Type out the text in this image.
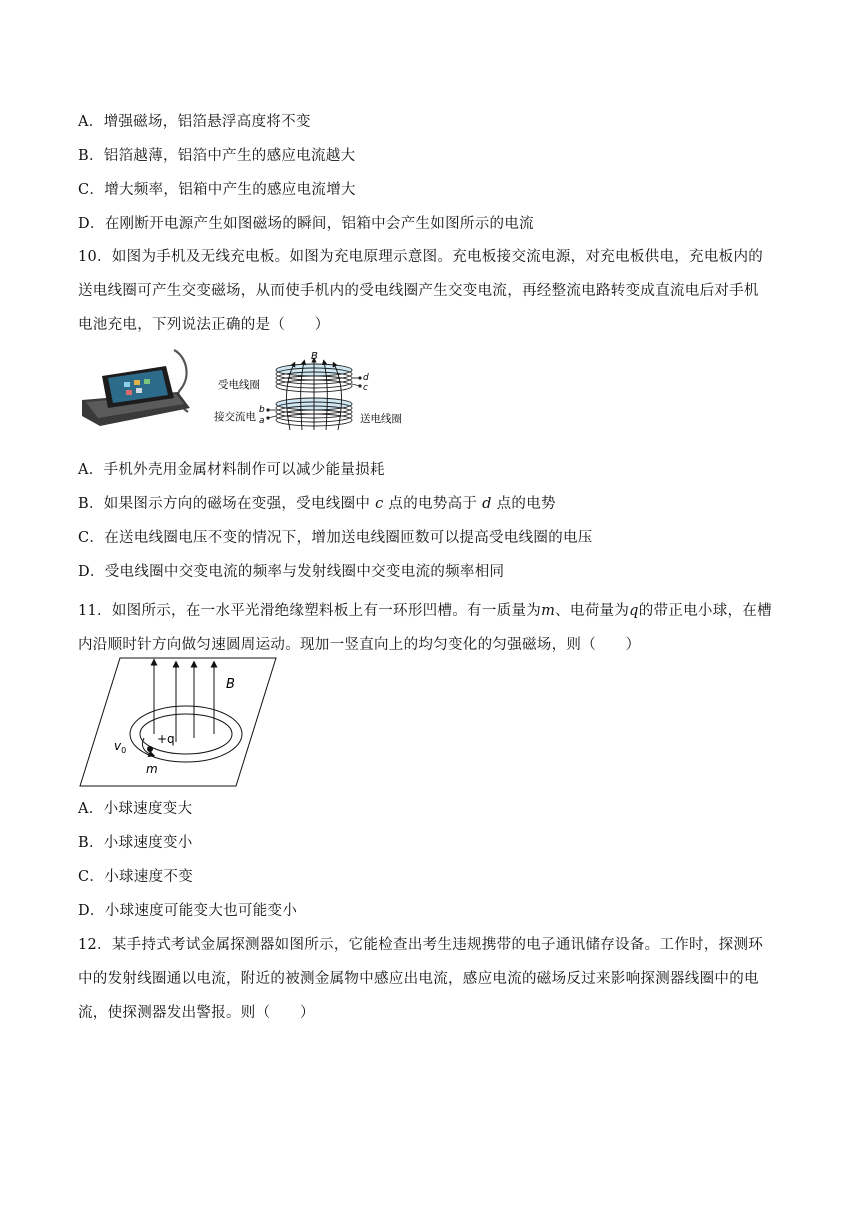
A．增强磁场，铝箔悬浮高度将不变
B．铝箔越薄，铝箔中产生的感应电流越大
C．增大频率，铝箱中产生的感应电流增大
D．在刚断开电源产生如图磁场的瞬间，铝箱中会产生如图所示的电流
10．如图为手机及无线充电板。如图为充电原理示意图。充电板接交流电源，对充电板供电，充电板内的
送电线圈可产生交变磁场，从而使手机内的受电线圈产生交变电流，再经整流电路转变成直流电后对手机
电池充电，下列说法正确的是（　　）
B
d
c
b
a
受电线圈
接交流电	送电线圈
A．手机外壳用金属材料制作可以减少能量损耗
B．如果图示方向的磁场在变强，受电线圈中 c 点的电势高于 d 点的电势
C．在送电线圈电压不变的情况下，增加送电线圈匝数可以提高受电线圈的电压
D．受电线圈中交变电流的频率与发射线圈中交变电流的频率相同
11．如图所示，在一水平光滑绝缘塑料板上有一环形凹槽。有一质量为m、电荷量为q的带正电小球，在槽
内沿顺时针方向做匀速圆周运动。现加一竖直向上的均匀变化的匀强磁场，则（　　）
B
+q
$v_0$
m
A．小球速度变大
B．小球速度变小
C．小球速度不变
D．小球速度可能变大也可能变小
12．某手持式考试金属探测器如图所示，它能检查出考生违规携带的电子通讯储存设备。工作时，探测环
中的发射线圈通以电流，附近的被测金属物中感应出电流，感应电流的磁场反过来影响探测器线圈中的电
流，使探测器发出警报。则（　　）
